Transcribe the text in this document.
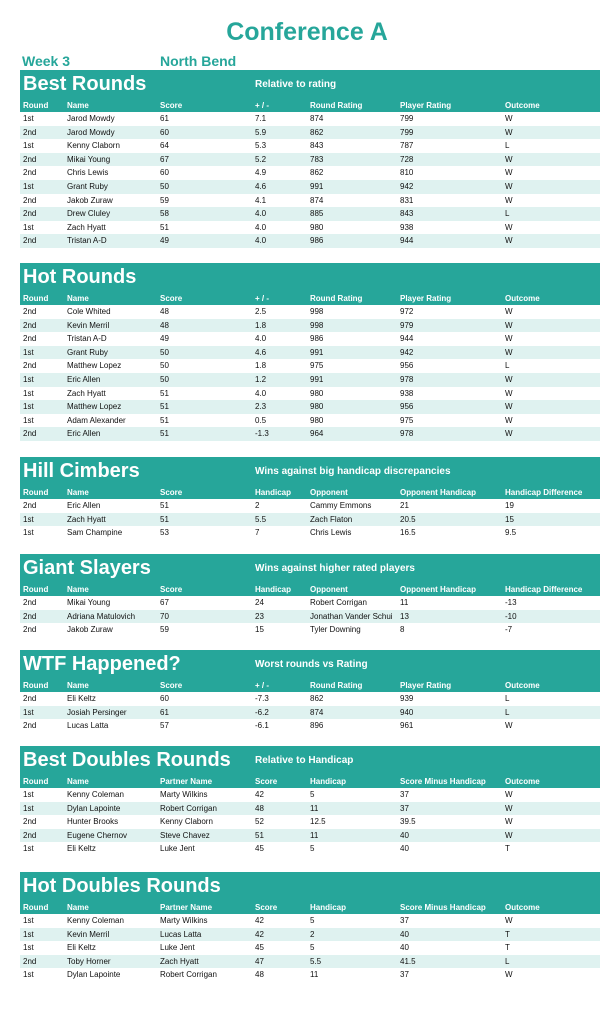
Conference A
Week 3	North Bend
Best Rounds	Relative to rating
Round	Name	Score	+ / -	Round Rating	Player Rating	Outcome
1st	Jarod Mowdy	61	7.1	874	799	W
2nd	Jarod Mowdy	60	5.9	862	799	W
1st	Kenny Claborn	64	5.3	843	787	L
2nd	Mikai Young	67	5.2	783	728	W
2nd	Chris Lewis	60	4.9	862	810	W
1st	Grant Ruby	50	4.6	991	942	W
2nd	Jakob Zuraw	59	4.1	874	831	W
2nd	Drew Cluley	58	4.0	885	843	L
1st	Zach Hyatt	51	4.0	980	938	W
2nd	Tristan A-D	49	4.0	986	944	W
Hot Rounds
Round	Name	Score	+ / -	Round Rating	Player Rating	Outcome
2nd	Cole Whited	48	2.5	998	972	W
2nd	Kevin Merril	48	1.8	998	979	W
2nd	Tristan A-D	49	4.0	986	944	W
1st	Grant Ruby	50	4.6	991	942	W
2nd	Matthew Lopez	50	1.8	975	956	L
1st	Eric Allen	50	1.2	991	978	W
1st	Zach Hyatt	51	4.0	980	938	W
1st	Matthew Lopez	51	2.3	980	956	W
1st	Adam Alexander	51	0.5	980	975	W
2nd	Eric Allen	51	-1.3	964	978	W
Hill Cimbers	Wins against big handicap discrepancies
Round	Name	Score	Handicap	Opponent	Opponent Handicap	Handicap Difference
2nd	Eric Allen	51	2	Cammy Emmons	21	19
1st	Zach Hyatt	51	5.5	Zach Flaton	20.5	15
1st	Sam Champine	53	7	Chris Lewis	16.5	9.5
Giant Slayers	Wins against higher rated players
Round	Name	Score	Handicap	Opponent	Opponent Handicap	Handicap Difference
2nd	Mikai Young	67	24	Robert Corrigan	11	-13
2nd	Adriana Matulovich	70	23	Jonathan Vander Schui 13	-10
2nd	Jakob Zuraw	59	15	Tyler Downing	8	-7
WTF Happened?	Worst rounds vs Rating
Round	Name	Score	+ / -	Round Rating	Player Rating	Outcome
2nd	Eli Keltz	60	-7.3	862	939	L
1st	Josiah Persinger	61	-6.2	874	940	L
2nd	Lucas Latta	57	-6.1	896	961	W
Best Doubles Rounds Relative to Handicap
Round	Name	Partner Name	Score	Handicap	Score Minus Handicap	Outcome
1st	Kenny Coleman	Marty Wilkins	42	5	37	W
1st	Dylan Lapointe	Robert Corrigan	48	11	37	W
2nd	Hunter Brooks	Kenny Claborn	52	12.5	39.5	W
2nd	Eugene Chernov	Steve Chavez	51	11	40	W
1st	Eli Keltz	Luke Jent	45	5	40	T
Hot Doubles Rounds
Round	Name	Partner Name	Score	Handicap	Score Minus Handicap	Outcome
1st	Kenny Coleman	Marty Wilkins	42	5	37	W
1st	Kevin Merril	Lucas Latta	42	2	40	T
1st	Eli Keltz	Luke Jent	45	5	40	T
2nd	Toby Horner	Zach Hyatt	47	5.5	41.5	L
1st	Dylan Lapointe	Robert Corrigan	48	11	37	W
